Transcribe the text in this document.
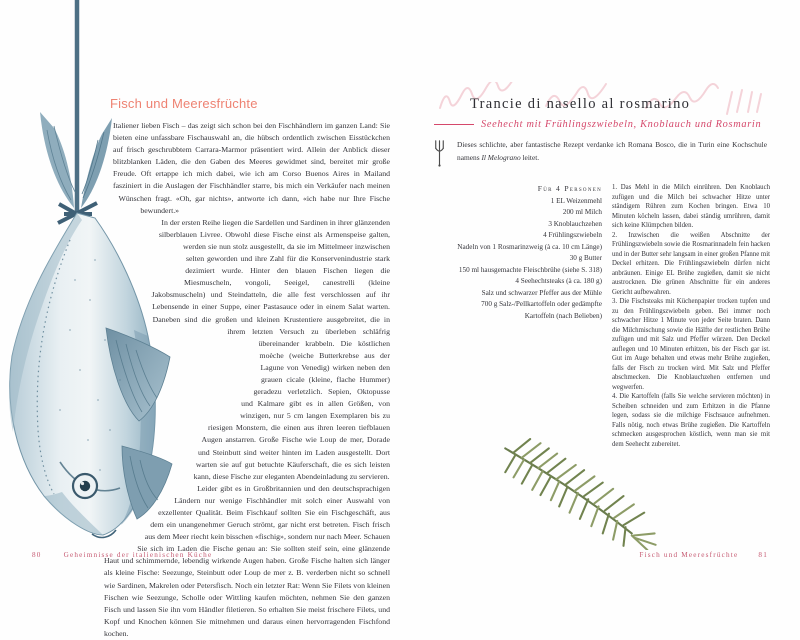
Fisch und Meeresfrüchte

Italiener lieben Fisch – das zeigt sich schon bei den Fischhändlern im ganzen Land: Sie bieten eine unfassbare Fischauswahl an, die hübsch ordentlich zwischen Eisstückchen auf frisch geschrubbtem Carrara-Marmor präsentiert wird. Allein der Anblick dieser blitzblanken Läden, die den Gaben des Meeres gewidmet sind, bereitet mir große Freude. Oft ertappe ich mich dabei, wie ich am Corso Buenos Aires in Mailand fasziniert in die Auslagen der Fischhändler starre, bis mich ein Verkäufer nach meinen Wünschen fragt. «Oh, gar nichts», antworte ich dann, «ich habe nur Ihre Fische bewundert.»

In der ersten Reihe liegen die Sardellen und Sardinen in ihrer glänzenden silberblauen Livree. Obwohl diese Fische einst als Armenspeise galten, werden sie nun stolz ausgestellt, da sie im Mittelmeer inzwischen selten geworden und ihre Zahl für die Konservenindustrie stark dezimiert wurde. Hinter den blauen Fischen liegen die Miesmuscheln, vongoli, Seeigel, canestrelli (kleine Jakobsmuscheln) und Steindatteln, die alle fest verschlossen auf ihr Lebensende in einer Suppe, einer Pastasauce oder in einem Salat warten. Daneben sind die großen und kleinen Krustentiere ausgebreitet, die in ihrem letzten Versuch zu überleben schläfrig übereinander krabbeln. Die köstlichen moèche (weiche Butterkrebse aus der Lagune von Venedig) wirken neben den grauen cicale (kleine, flache Hummer) geradezu verletzlich. Sepien, Oktopusse und Kalmare gibt es in allen Größen, von winzigen, nur 5 cm langen Exemplaren bis zu riesigen Monstern, die einen aus ihren leeren tiefblauen Augen anstarren. Große Fische wie Loup de mer, Dorade und Steinbutt sind weiter hinten im Laden ausgestellt. Dort warten sie auf gut betuchte Käuferschaft, die es sich leisten kann, diese Fische zur eleganten Abendeinladung zu servieren.

Leider gibt es in Großbritannien und den deutschsprachigen Ländern nur wenige Fischhändler mit solch einer Auswahl von exzellenter Qualität. Beim Fischkauf sollten Sie ein Fischgeschäft, aus dem ein unangenehmer Geruch strömt, gar nicht erst betreten. Fisch frisch aus dem Meer riecht kein bisschen «fischig», sondern nur nach Meer. Schauen Sie sich im Laden die Fische genau an: Sie sollten steif sein, eine glänzende Haut und schimmernde, lebendig wirkende Augen haben. Große Fische halten sich länger als kleine Fische: Seezunge, Steinbutt oder Loup de mer z. B. verderben nicht so schnell wie Sardinen, Makrelen oder Petersfisch. Noch ein letzter Rat: Wenn Sie Filets von kleinen Fischen wie Seezunge, Scholle oder Wittling kaufen möchten, nehmen Sie den ganzen Fisch und lassen Sie ihn vom Händler filetieren. So erhalten Sie meist frischere Filets, und Kopf und Knochen können Sie mitnehmen und daraus einen hervorragenden Fischfond kochen.

80	Geheimnisse der italienischen Küche
Trancie di nasello al rosmarino
Seehecht mit Frühlingszwiebeln, Knoblauch und Rosmarin
Dieses schlichte, aber fantastische Rezept verdanke ich Romana Bosco, die in Turin eine Kochschule namens Il Melograno leitet.
Für 4 Personen
1 EL Weizenmehl
200 ml Milch
3 Knoblauchzehen
4 Frühlingszwiebeln
Nadeln von 1 Rosmarinzweig (à ca. 10 cm Länge)
30 g Butter
150 ml hausgemachte Fleischbrühe (siehe S. 318)
4 Seehechtsteaks (à ca. 180 g)
Salz und schwarzer Pfeffer aus der Mühle
700 g Salz-/Pellkartoffeln oder gedämpfte Kartoffeln (nach Belieben)

1. Das Mehl in die Milch einrühren. Den Knoblauch zufügen und die Milch bei schwacher Hitze unter ständigem Rühren zum Kochen bringen. Etwa 10 Minuten köcheln lassen, dabei ständig umrühren, damit sich keine Klümpchen bilden.

2. Inzwischen die weißen Abschnitte der Frühlingszwiebeln sowie die Rosmarinnadeln fein hacken und in der Butter sehr langsam in einer großen Pfanne mit Deckel erhitzen. Die Frühlingszwiebeln dürfen nicht anbräunen. Einige EL Brühe zugießen, damit sie nicht austrocknen. Die grünen Abschnitte für ein anderes Gericht aufbewahren.

3. Die Fischsteaks mit Küchenpapier trocken tupfen und zu den Frühlingszwiebeln geben. Bei immer noch schwacher Hitze 1 Minute von jeder Seite braten. Dann die Milchmischung sowie die Hälfte der restlichen Brühe zufügen und mit Salz und Pfeffer würzen. Den Deckel auflegen und 10 Minuten erhitzen, bis der Fisch gar ist. Gut im Auge behalten und etwas mehr Brühe zugießen, falls der Fisch zu trocken wird. Mit Salz und Pfeffer abschmecken. Die Knoblauchzehen entfernen und wegwerfen.

4. Die Kartoffeln (falls Sie welche servieren möchten) in Scheiben schneiden und zum Erhitzen in die Pfanne legen, sodass sie die milchige Fischsauce aufnehmen. Falls nötig, noch etwas Brühe zugießen. Die Kartoffeln schmecken ausgesprochen köstlich, wenn man sie mit dem Seehecht zubereitet.

Fisch und Meeresfrüchte	81
